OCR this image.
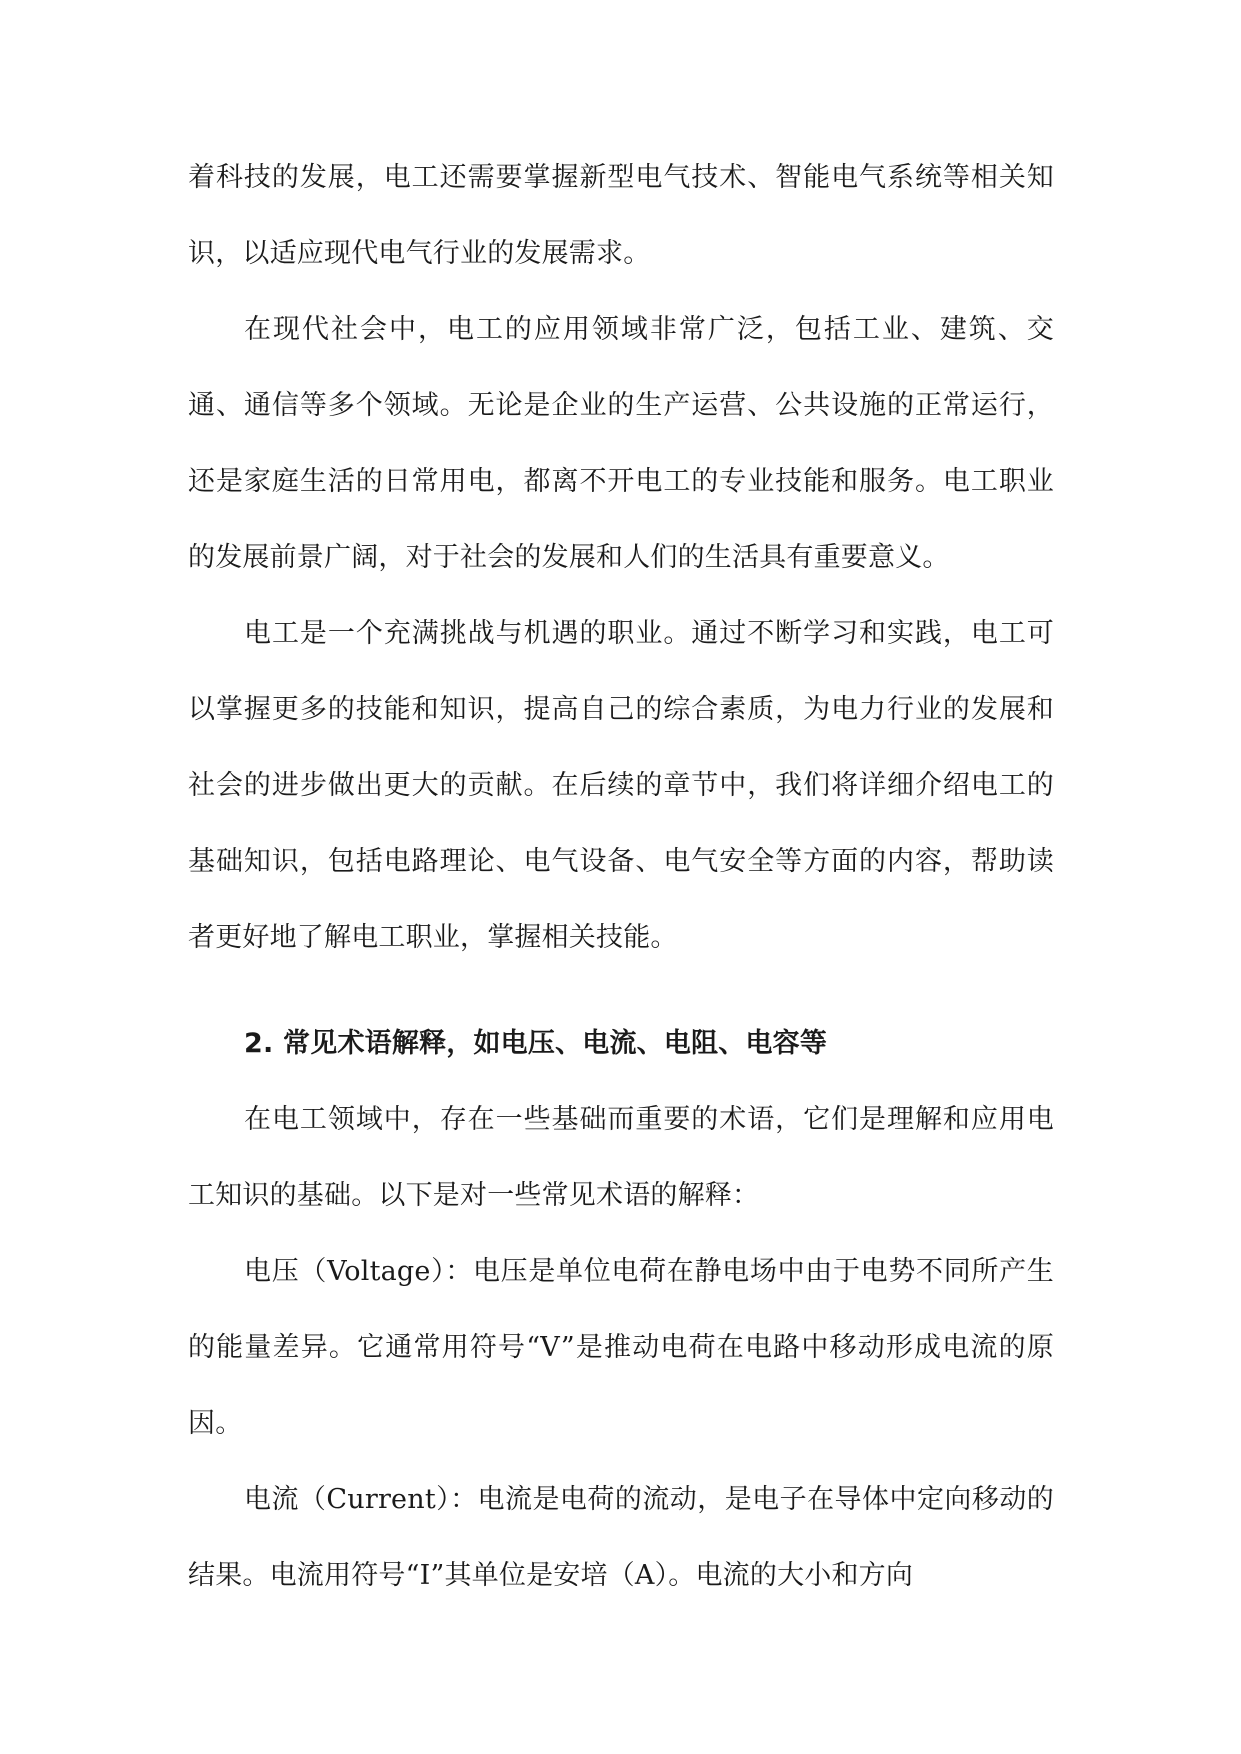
着科技的发展，电工还需要掌握新型电气技术、智能电气系统等相关知识，以适应现代电气行业的发展需求。

在现代社会中，电工的应用领域非常广泛，包括工业、建筑、交通、通信等多个领域。无论是企业的生产运营、公共设施的正常运行，还是家庭生活的日常用电，都离不开电工的专业技能和服务。电工职业的发展前景广阔，对于社会的发展和人们的生活具有重要意义。

电工是一个充满挑战与机遇的职业。通过不断学习和实践，电工可以掌握更多的技能和知识，提高自己的综合素质，为电力行业的发展和社会的进步做出更大的贡献。在后续的章节中，我们将详细介绍电工的基础知识，包括电路理论、电气设备、电气安全等方面的内容，帮助读者更好地了解电工职业，掌握相关技能。

2. 常见术语解释，如电压、电流、电阻、电容等

在电工领域中，存在一些基础而重要的术语，它们是理解和应用电工知识的基础。以下是对一些常见术语的解释：

电压（Voltage）：电压是单位电荷在静电场中由于电势不同所产生的能量差异。它通常用符号“V”是推动电荷在电路中移动形成电流的原因。

电流（Current）：电流是电荷的流动，是电子在导体中定向移动的结果。电流用符号“I”其单位是安培（A）。电流的大小和方向
